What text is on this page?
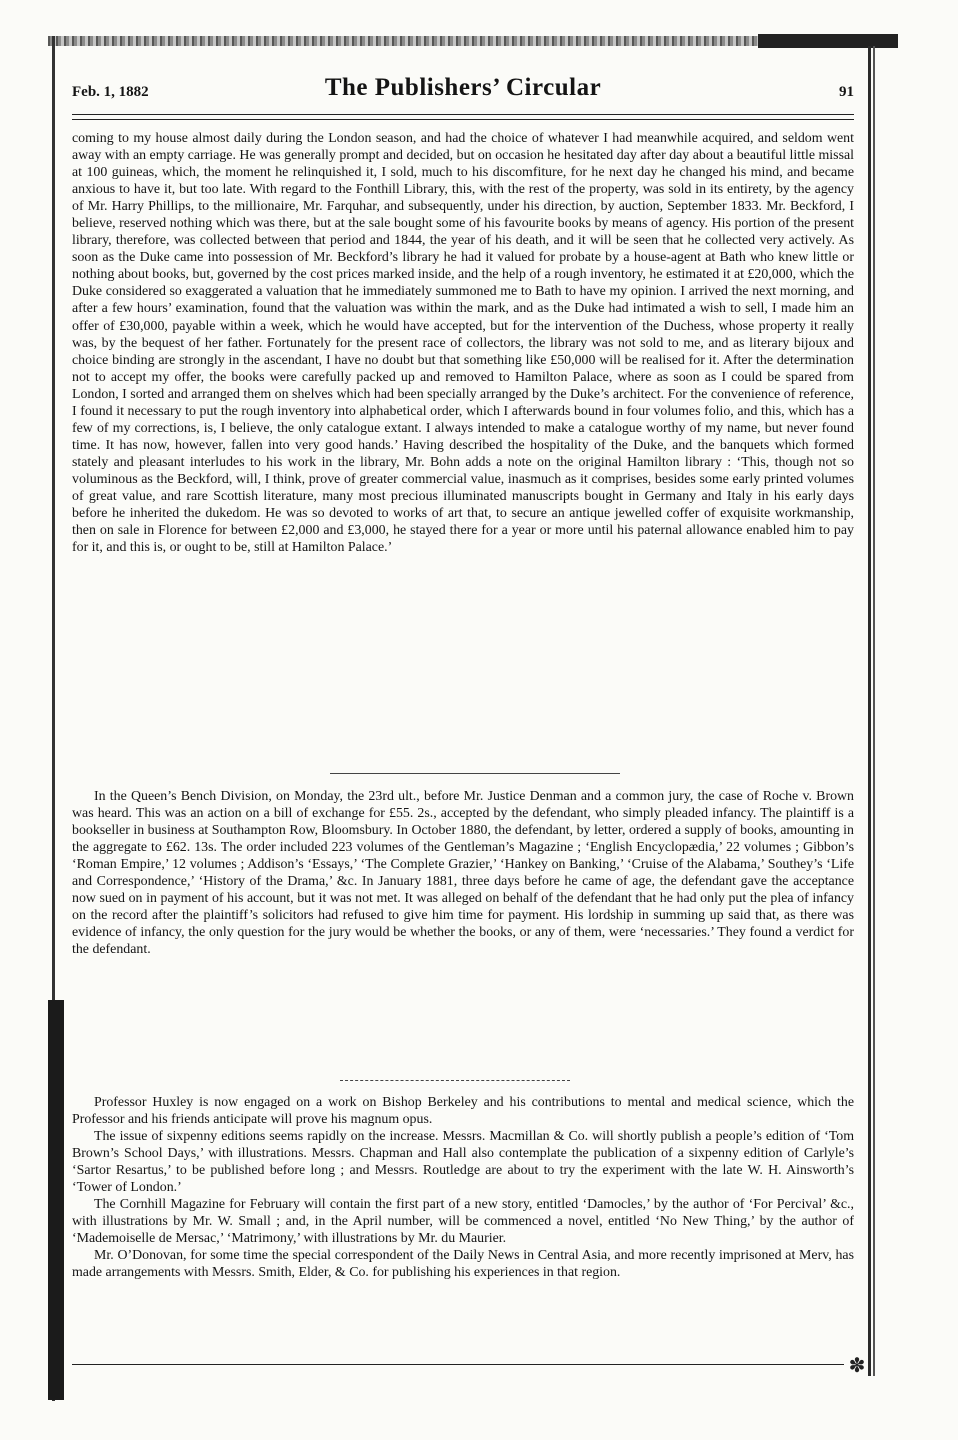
Feb. 1, 1882	The Publishers’ Circular	91

coming to my house almost daily during the London season, and had the choice of whatever I had meanwhile acquired, and seldom went away with an empty carriage. He was generally prompt and decided, but on occasion he hesitated day after day about a beautiful little missal at 100 guineas, which, the moment he relinquished it, I sold, much to his discomfiture, for he next day he changed his mind, and became anxious to have it, but too late. With regard to the Fonthill Library, this, with the rest of the property, was sold in its entirety, by the agency of Mr. Harry Phillips, to the millionaire, Mr. Farquhar, and subsequently, under his direction, by auction, September 1833. Mr. Beckford, I believe, reserved nothing which was there, but at the sale bought some of his favourite books by means of agency. His portion of the present library, therefore, was collected between that period and 1844, the year of his death, and it will be seen that he collected very actively. As soon as the Duke came into possession of Mr. Beckford’s library he had it valued for probate by a house-agent at Bath who knew little or nothing about books, but, governed by the cost prices marked inside, and the help of a rough inventory, he estimated it at £20,000, which the Duke considered so exaggerated a valuation that he immediately summoned me to Bath to have my opinion. I arrived the next morning, and after a few hours’ examination, found that the valuation was within the mark, and as the Duke had intimated a wish to sell, I made him an offer of £30,000, payable within a week, which he would have accepted, but for the intervention of the Duchess, whose property it really was, by the bequest of her father. Fortunately for the present race of collectors, the library was not sold to me, and as literary bijoux and choice binding are strongly in the ascendant, I have no doubt but that something like £50,000 will be realised for it. After the determination not to accept my offer, the books were carefully packed up and removed to Hamilton Palace, where as soon as I could be spared from London, I sorted and arranged them on shelves which had been specially arranged by the Duke’s architect. For the convenience of reference, I found it necessary to put the rough inventory into alphabetical order, which I afterwards bound in four volumes folio, and this, which has a few of my corrections, is, I believe, the only catalogue extant. I always intended to make a catalogue worthy of my name, but never found time. It has now, however, fallen into very good hands.’ Having described the hospitality of the Duke, and the banquets which formed stately and pleasant interludes to his work in the library, Mr. Bohn adds a note on the original Hamilton library : ‘This, though not so voluminous as the Beckford, will, I think, prove of greater commercial value, inasmuch as it comprises, besides some early printed volumes of great value, and rare Scottish literature, many most precious illuminated manuscripts bought in Germany and Italy in his early days before he inherited the dukedom. He was so devoted to works of art that, to secure an antique jewelled coffer of exquisite workmanship, then on sale in Florence for between £2,000 and £3,000, he stayed there for a year or more until his paternal allowance enabled him to pay for it, and this is, or ought to be, still at Hamilton Palace.’

In the Queen’s Bench Division, on Monday, the 23rd ult., before Mr. Justice Denman and a common jury, the case of Roche v. Brown was heard. This was an action on a bill of exchange for £55. 2s., accepted by the defendant, who simply pleaded infancy. The plaintiff is a bookseller in business at Southampton Row, Bloomsbury. In October 1880, the defendant, by letter, ordered a supply of books, amounting in the aggregate to £62. 13s. The order included 223 volumes of the Gentleman’s Magazine ; ‘English Encyclopædia,’ 22 volumes ; Gibbon’s ‘Roman Empire,’ 12 volumes ; Addison’s ‘Essays,’ ‘The Complete Grazier,’ ‘Hankey on Banking,’ ‘Cruise of the Alabama,’ Southey’s ‘Life and Correspondence,’ ‘History of the Drama,’ &c. In January 1881, three days before he came of age, the defendant gave the acceptance now sued on in payment of his account, but it was not met. It was alleged on behalf of the defendant that he had only put the plea of infancy on the record after the plaintiff’s solicitors had refused to give him time for payment. His lordship in summing up said that, as there was evidence of infancy, the only question for the jury would be whether the books, or any of them, were ‘necessaries.’ They found a verdict for the defendant.

Professor Huxley is now engaged on a work on Bishop Berkeley and his contributions to mental and medical science, which the Professor and his friends anticipate will prove his magnum opus.

The issue of sixpenny editions seems rapidly on the increase. Messrs. Macmillan & Co. will shortly publish a people’s edition of ‘Tom Brown’s School Days,’ with illustrations. Messrs. Chapman and Hall also contemplate the publication of a sixpenny edition of Carlyle’s ‘Sartor Resartus,’ to be published before long ; and Messrs. Routledge are about to try the experiment with the late W. H. Ainsworth’s ‘Tower of London.’

The Cornhill Magazine for February will contain the first part of a new story, entitled ‘Damocles,’ by the author of ‘For Percival’ &c., with illustrations by Mr. W. Small ; and, in the April number, will be commenced a novel, entitled ‘No New Thing,’ by the author of ‘Mademoiselle de Mersac,’ ‘Matrimony,’ with illustrations by Mr. du Maurier.

Mr. O’Donovan, for some time the special correspondent of the Daily News in Central Asia, and more recently imprisoned at Merv, has made arrangements with Messrs. Smith, Elder, & Co. for publishing his experiences in that region.

✽
